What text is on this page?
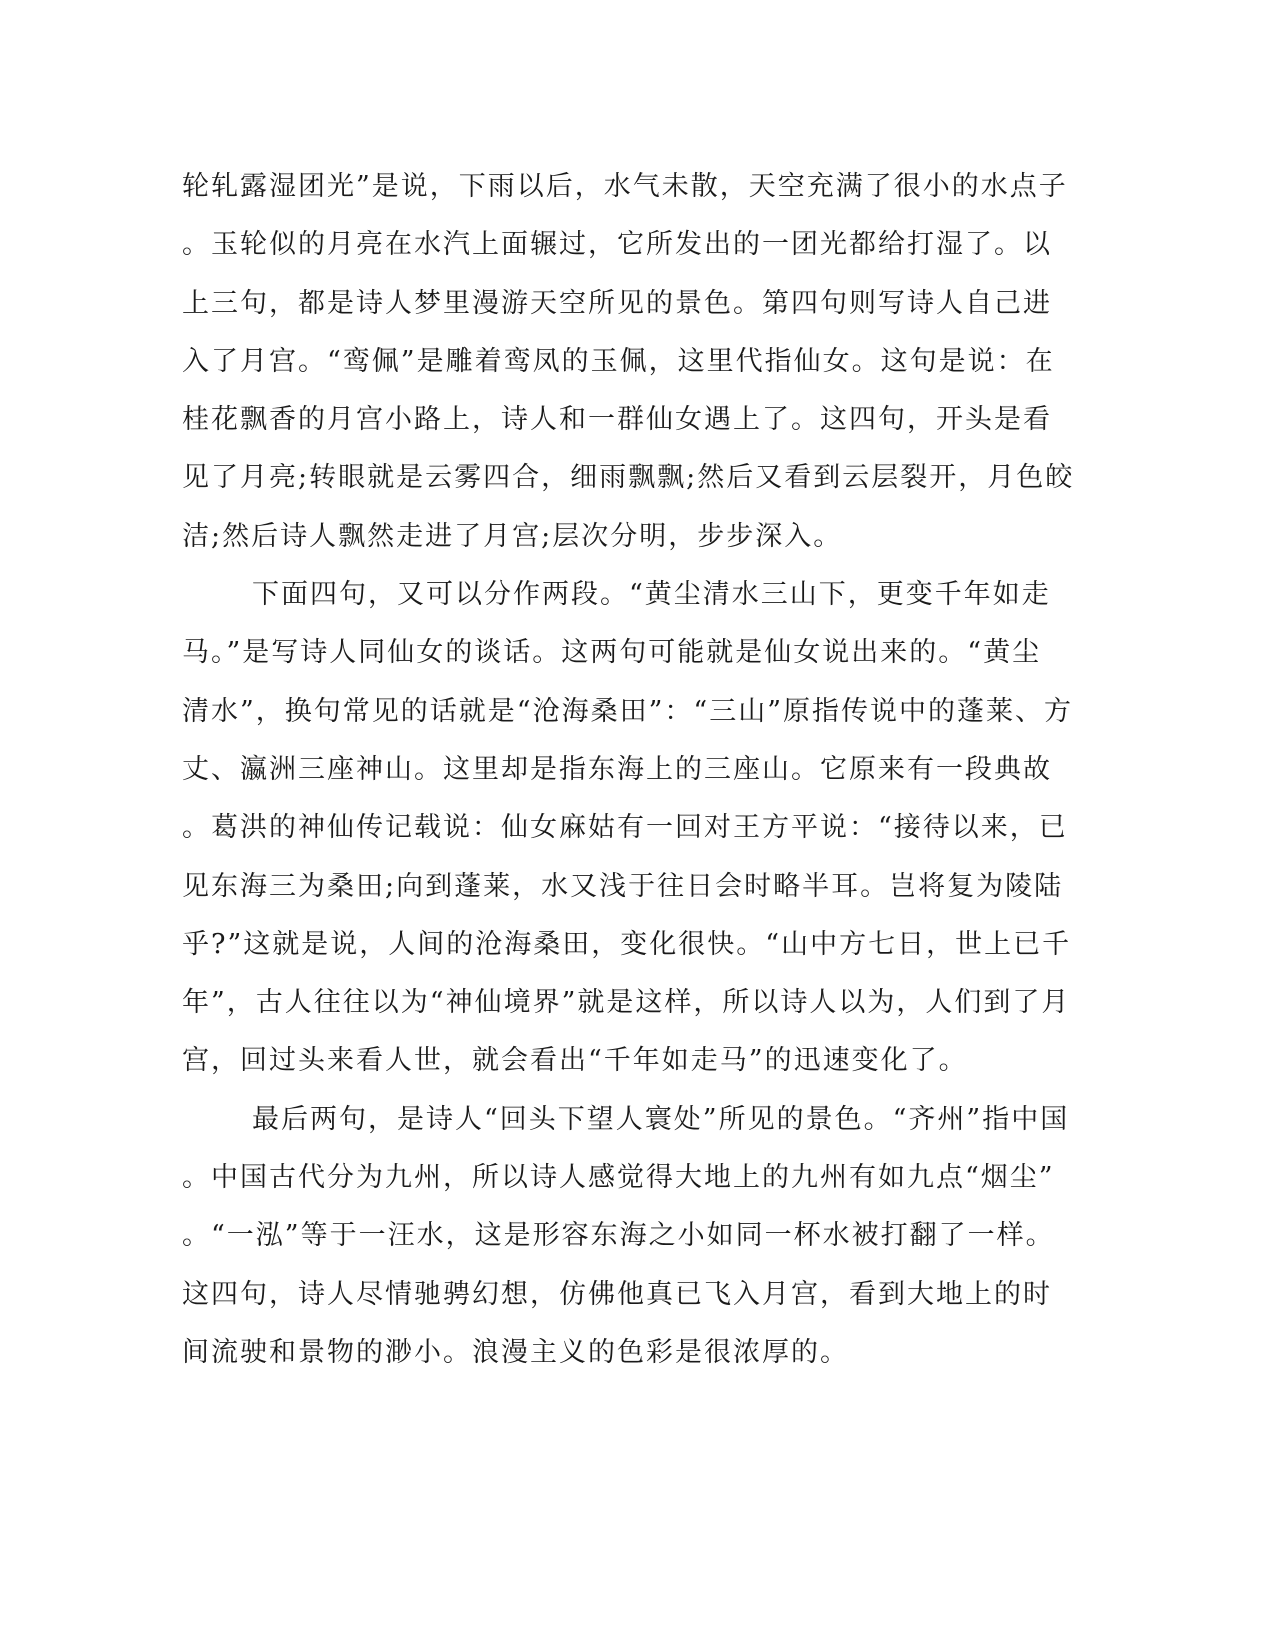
轮轧露湿团光”是说，下雨以后，水气未散，天空充满了很小的水点子
。玉轮似的月亮在水汽上面辗过，它所发出的一团光都给打湿了。以
上三句，都是诗人梦里漫游天空所见的景色。第四句则写诗人自己进
入了月宫。“鸾佩”是雕着鸾凤的玉佩，这里代指仙女。这句是说：在
桂花飘香的月宫小路上，诗人和一群仙女遇上了。这四句，开头是看
见了月亮;转眼就是云雾四合，细雨飘飘;然后又看到云层裂开，月色皎
洁;然后诗人飘然走进了月宫;层次分明，步步深入。
下面四句，又可以分作两段。“黄尘清水三山下，更变千年如走
马。”是写诗人同仙女的谈话。这两句可能就是仙女说出来的。“黄尘
清水”，换句常见的话就是“沧海桑田”：“三山”原指传说中的蓬莱、方
丈、瀛洲三座神山。这里却是指东海上的三座山。它原来有一段典故
。葛洪的神仙传记载说：仙女麻姑有一回对王方平说：“接待以来，已
见东海三为桑田;向到蓬莱，水又浅于往日会时略半耳。岂将复为陵陆
乎?”这就是说，人间的沧海桑田，变化很快。“山中方七日，世上已千
年”，古人往往以为“神仙境界”就是这样，所以诗人以为，人们到了月
宫，回过头来看人世，就会看出“千年如走马”的迅速变化了。
最后两句，是诗人“回头下望人寰处”所见的景色。“齐州”指中国
。中国古代分为九州，所以诗人感觉得大地上的九州有如九点“烟尘”
。“一泓”等于一汪水，这是形容东海之小如同一杯水被打翻了一样。
这四句，诗人尽情驰骋幻想，仿佛他真已飞入月宫，看到大地上的时
间流驶和景物的渺小。浪漫主义的色彩是很浓厚的。
